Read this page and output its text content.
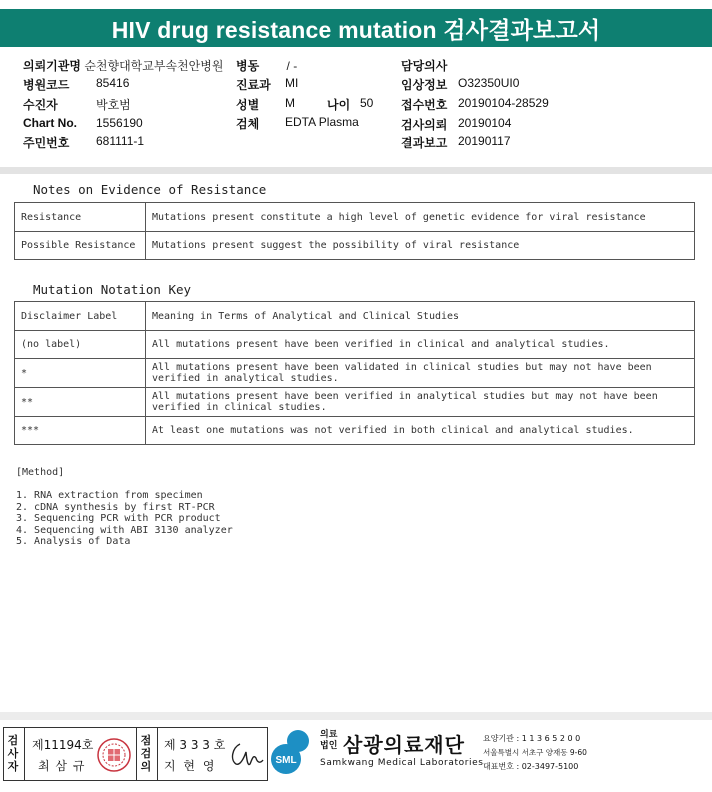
HIV drug resistance mutation 검사결과보고서
의뢰기관명 순천향대학교부속천안병원 병동 / -	담당의사
병원코드 85416	진료과 MI	임상정보 O32350UI0
수진자	박호범	성별 M	나이 50 접수번호 20190104-28529
Chart No. 1556190	검체 EDTA Plasma	검사의뢰 20190104
주민번호 681111-1	결과보고 20190117
Notes on Evidence of Resistance
Resistance	Mutations present constitute a high level of genetic evidence for viral resistance
Possible Resistance	Mutations present suggest the possibility of viral resistance
Mutation Notation Key
Disclaimer Label	Meaning in Terms of Analytical and Clinical Studies
(no label)	All mutations present have been verified in clinical and analytical studies.
*	All mutations present have been validated in clinical studies but may not have been verified in analytical studies.
**	All mutations present have been verified in analytical studies but may not have been verified in clinical studies.
***	At least one mutations was not verified in both clinical and analytical studies.
[Method]
1. RNA extraction from specimen
2. cDNA synthesis by first RT-PCR
3. Sequencing PCR with PCR product
4. Sequencing with ABI 3130 analyzer
5. Analysis of Data
검사자
제11194호
최 삼 규
점검의
제 3 3 3 호
지 현 영	SML
의료법인 삼광의료재단
Samkwang Medical Laboratories
요양기관 : 1 1 3 6 5 2 0 0
서울특별시 서초구 양재동 9-60
대표번호 : 02-3497-5100
